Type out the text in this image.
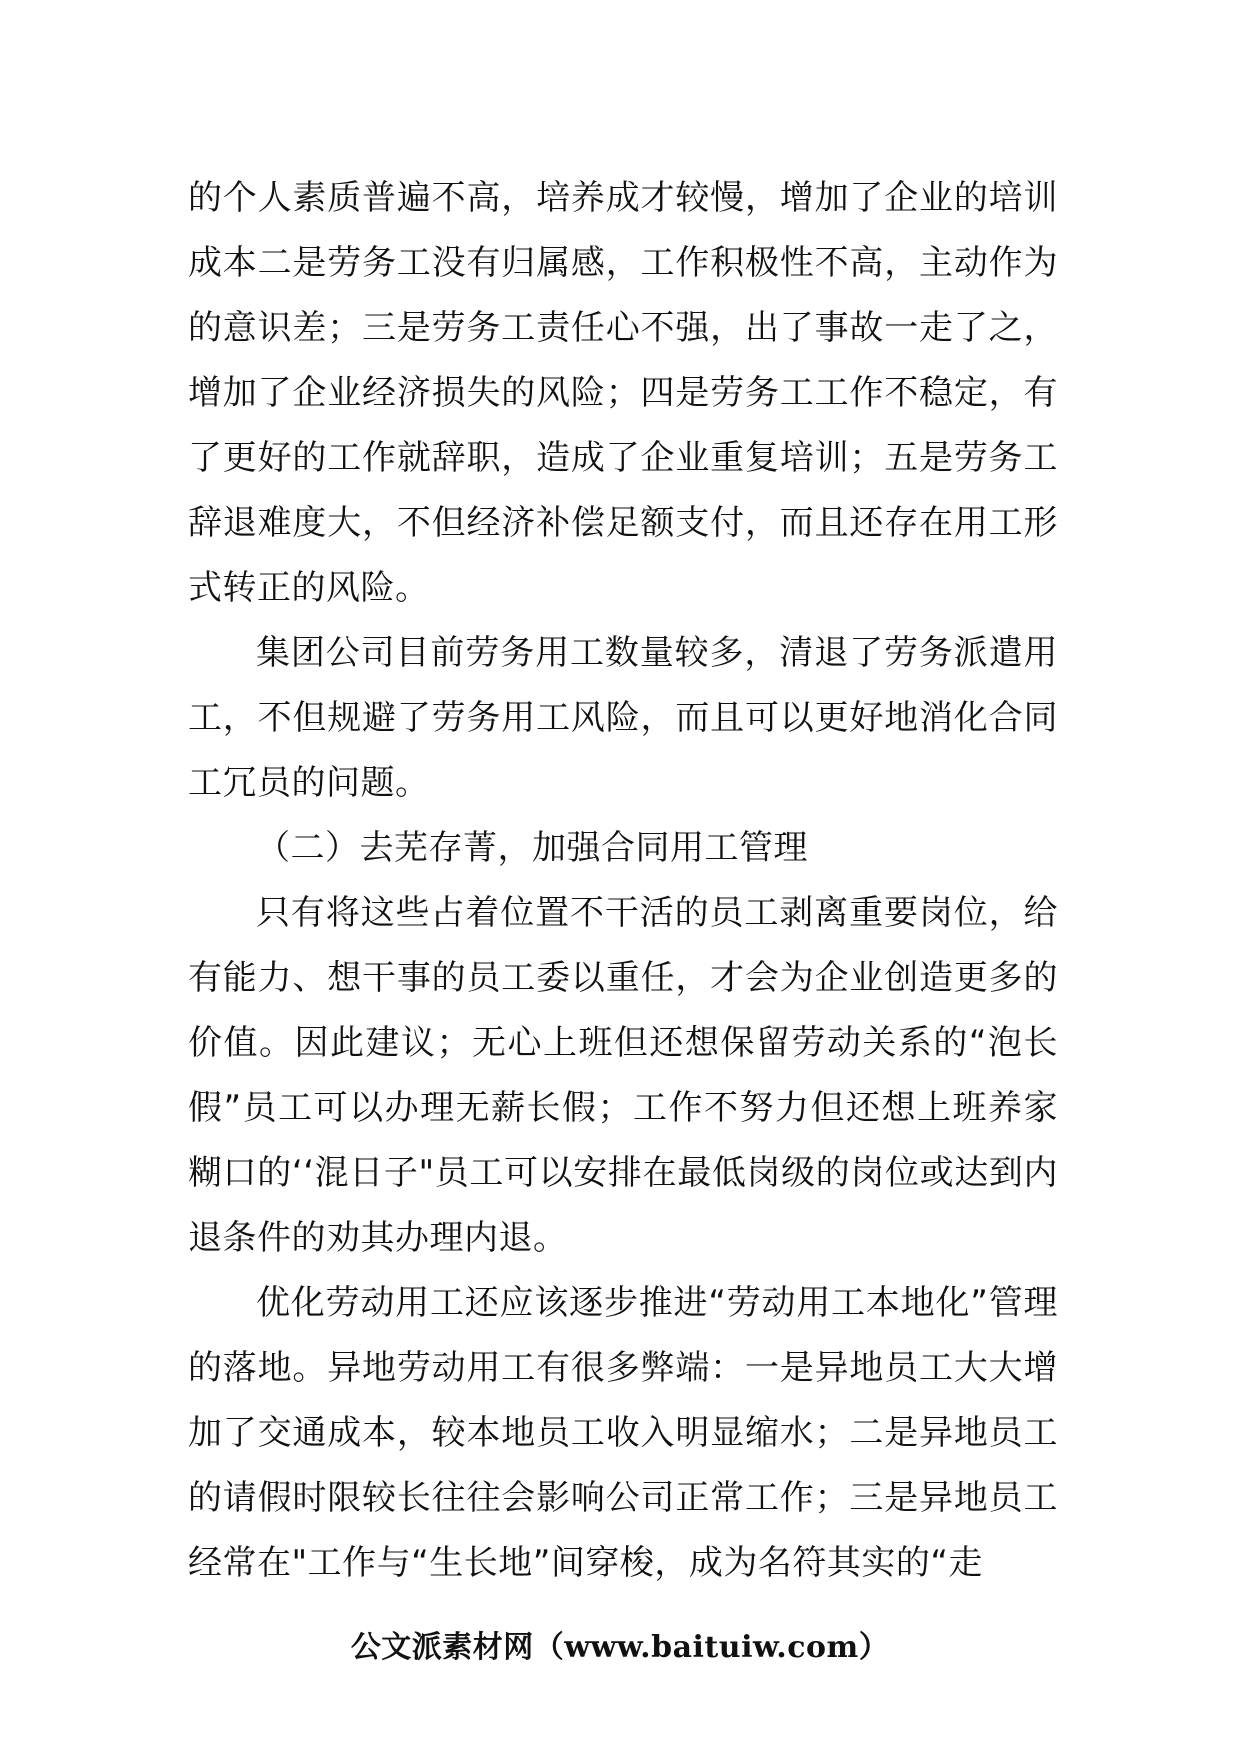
的个人素质普遍不高，培养成才较慢，增加了企业的培训成本二是劳务工没有归属感，工作积极性不高，主动作为的意识差；三是劳务工责任心不强，出了事故一走了之，增加了企业经济损失的风险；四是劳务工工作不稳定，有了更好的工作就辞职，造成了企业重复培训；五是劳务工辞退难度大，不但经济补偿足额支付，而且还存在用工形式转正的风险。

集团公司目前劳务用工数量较多，清退了劳务派遣用工，不但规避了劳务用工风险，而且可以更好地消化合同工冗员的问题。

（二）去芜存菁，加强合同用工管理

只有将这些占着位置不干活的员工剥离重要岗位，给有能力、想干事的员工委以重任，才会为企业创造更多的价值。因此建议；无心上班但还想保留劳动关系的“泡长假”员工可以办理无薪长假；工作不努力但还想上班养家糊口的‘‘混日子"员工可以安排在最低岗级的岗位或达到内退条件的劝其办理内退。

优化劳动用工还应该逐步推进“劳动用工本地化”管理的落地。异地劳动用工有很多弊端：一是异地员工大大增加了交通成本，较本地员工收入明显缩水；二是异地员工的请假时限较长往往会影响公司正常工作；三是异地员工经常在"工作与“生长地”间穿梭，成为名符其实的“走

公文派素材网（www.baituiw.com）
